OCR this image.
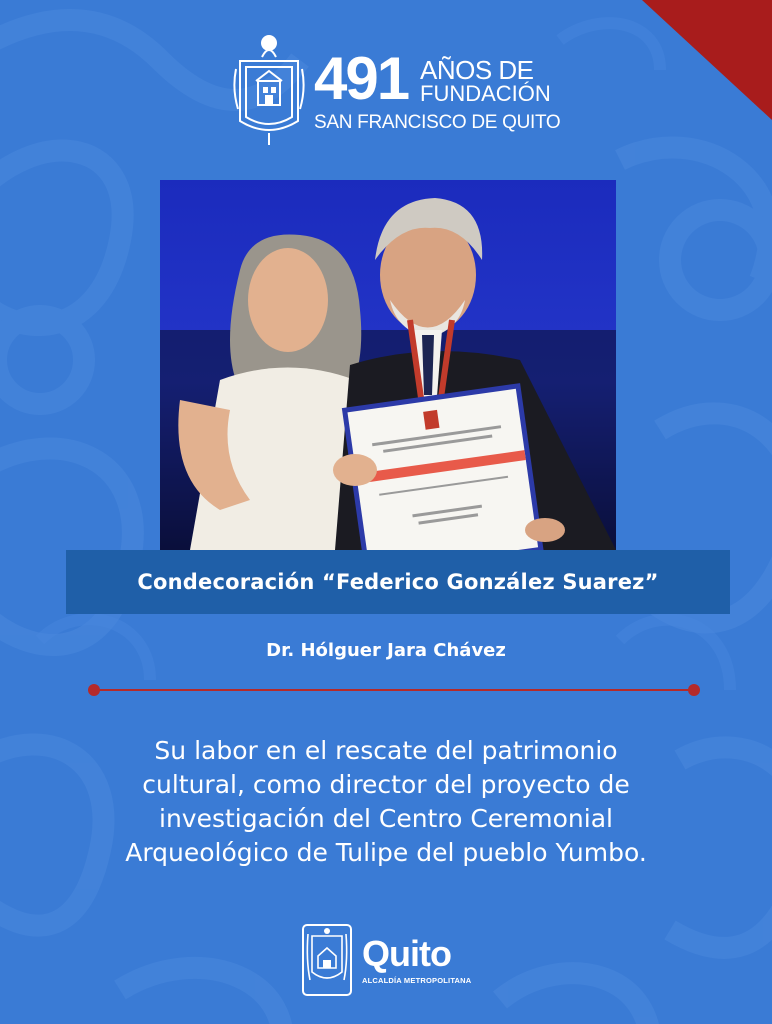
491 AÑOS DE
FUNDACIÓN
SAN FRANCISCO DE QUITO
Condecoración “Federico González Suarez”
Dr. Hólguer Jara Chávez
Su labor en el rescate del patrimonio
cultural, como director del proyecto de
investigación del Centro Ceremonial
Arqueológico de Tulipe del pueblo Yumbo.
Quito
ALCALDÍA METROPOLITANA
